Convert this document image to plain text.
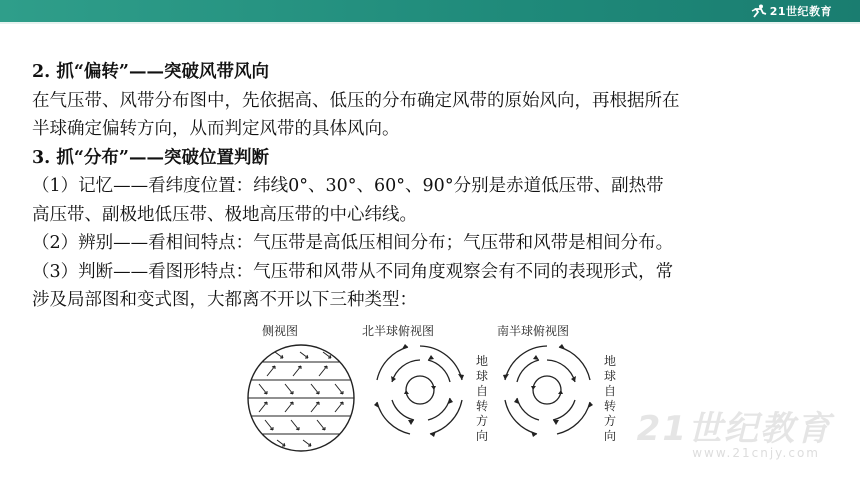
21世纪教育
2. 抓“偏转”——突破风带风向
在气压带、风带分布图中，先依据高、低压的分布确定风带的原始风向，再根据所在
半球确定偏转方向，从而判定风带的具体风向。
3. 抓“分布”——突破位置判断
（1）记忆——看纬度位置：纬线0°、30°、60°、90°分别是赤道低压带、副热带
高压带、副极地低压带、极地高压带的中心纬线。
（2）辨别——看相间特点：气压带是高低压相间分布；气压带和风带是相间分布。
（3）判断——看图形特点：气压带和风带从不同角度观察会有不同的表现形式，常
涉及局部图和变式图，大都离不开以下三种类型：
侧视图	北半球俯视图	南半球俯视图
地球自转方向
地球自转方向 21世纪教育
www.21cnjy.com
